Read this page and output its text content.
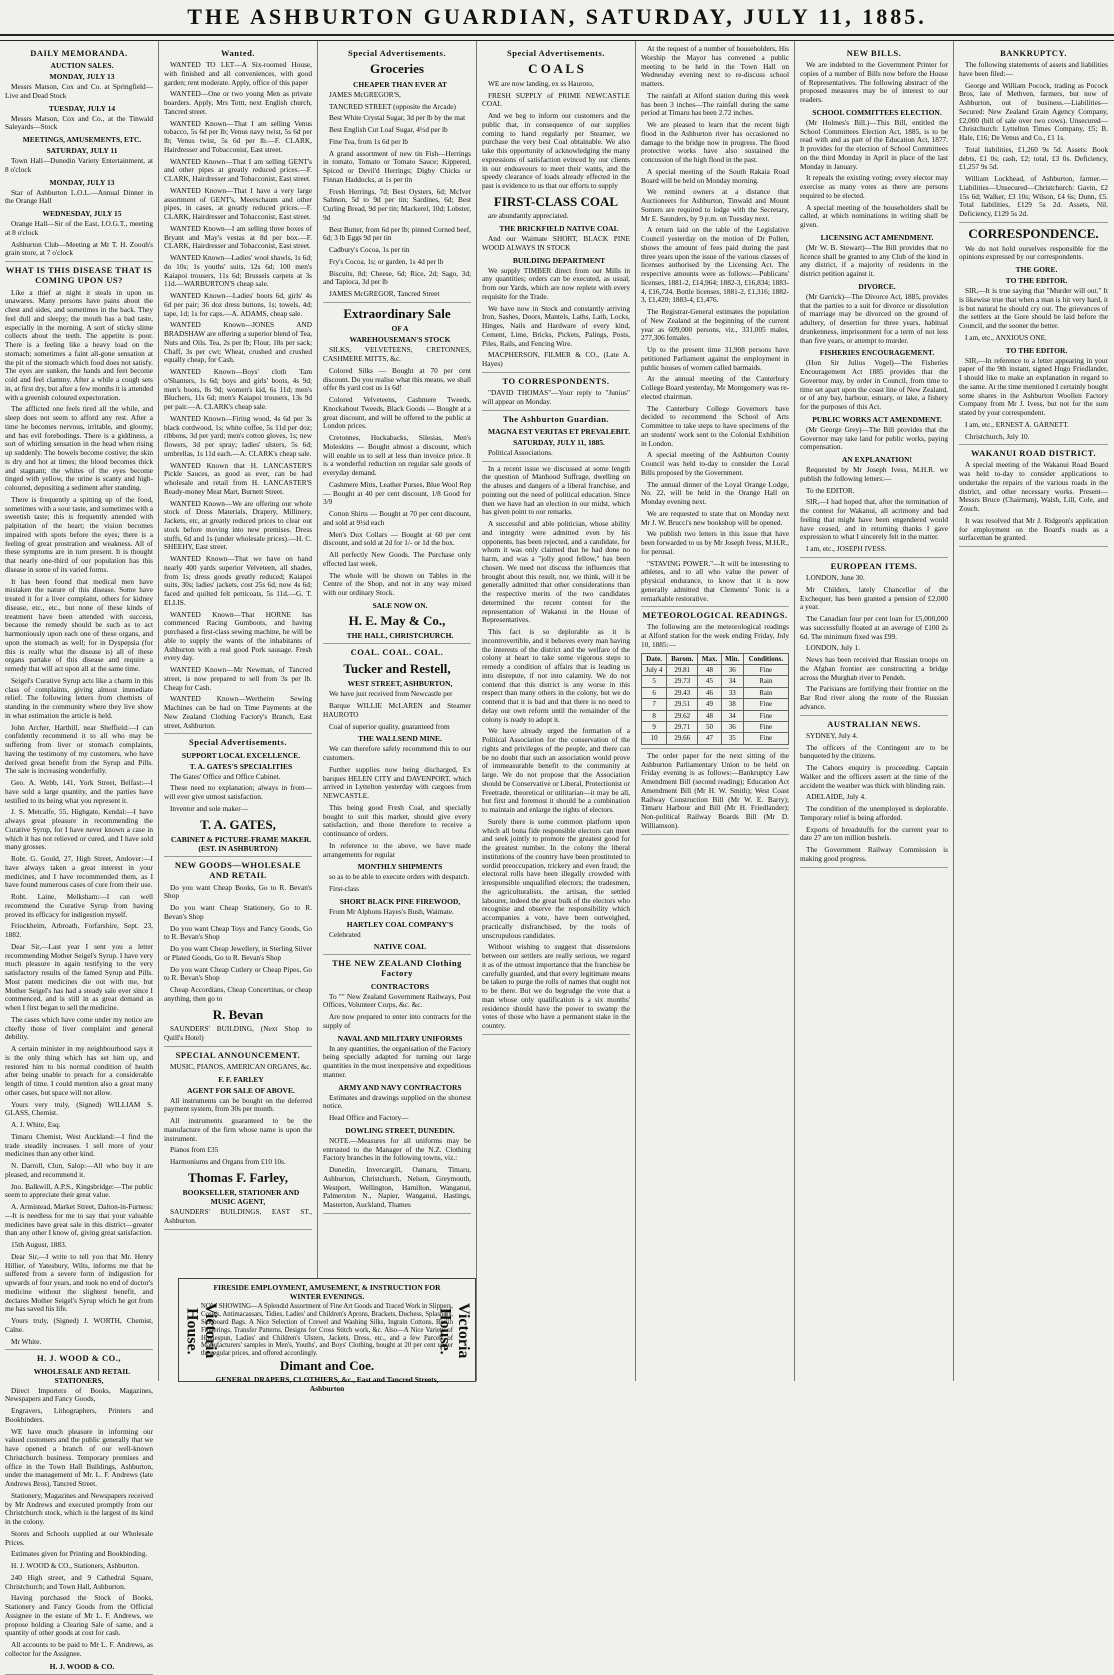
THE ASHBURTON GUARDIAN, SATURDAY, JULY 11, 1885.
DAILY MEMORANDA.

AUCTION SALES.

MONDAY, JULY 13

Messrs Matson, Cox and Co. at Springfield—Live and Dead Stock

TUESDAY, JULY 14

Messrs Matson, Cox and Co., at the Tinwald Saleyards—Stock

MEETINGS, AMUSEMENTS, ETC.

SATURDAY, JULY 11

Town Hall—Dunedin Variety Entertainment, at 8 o'clock

MONDAY, JULY 13

Star of Ashburton L.O.L.—Annual Dinner in the Orange Hall

WEDNESDAY, JULY 15

Orange Hall—Sir of the East, I.O.G.T., meeting at 8 o'clock

Ashburton Club—Meeting at Mr T. H. Zoouh's grain store, at 7 o'clock

WHAT IS THIS DISEASE THAT IS COMING UPON US?

Like a thief at night it steals in upon us unawares. Many persons have pains about the chest and sides, and sometimes in the back. They feel dull and sleepy; the mouth has a bad taste, especially in the morning. A sort of sticky slime collects about the teeth. The appetite is poor. There is a feeling like a heavy load on the stomach; sometimes a faint all-gone sensation at the pit of the stomach which food does not satisfy. The eyes are sunken, the hands and feet become cold and feel clammy. After a while a cough sets in, at first dry, but after a few months it is attended with a greenish coloured expectoration.

The afflicted one feels tired all the while, and sleep does not seem to afford any rest. After a time he becomes nervous, irritable, and gloomy, and has evil forebodings. There is a giddiness, a sort of whirling sensation in the head when rising up suddenly. The bowels become costive; the skin is dry and hot at times; the blood becomes thick and stagnant; the whites of the eyes become tinged with yellow, the urine is scanty and high-coloured, depositing a sediment after standing.

There is frequently a spitting up of the food, sometimes with a sour taste, and sometimes with a sweetish taste; this is frequently attended with palpitation of the heart; the vision becomes impaired with spots before the eyes; there is a feeling of great prostration and weakness. All of these symptoms are in turn present. It is thought that nearly one-third of our population has this disease in some of its varied forms.

It has been found that medical men have mistaken the nature of this disease. Some have treated it for a liver complaint, others for kidney disease, etc., etc., but none of these kinds of treatment have been attended with success, because the remedy should be such as to act harmoniously upon each one of these organs, and upon the stomach as well; for in Dyspepsia (for this is really what the disease is) all of these organs partake of this disease and require a remedy that will act upon all at the same time.

Seigel's Curative Syrup acts like a charm in this class of complaints, giving almost immediate relief. The following letters from chemists of standing in the community where they live show in what estimation the article is held.

John Archer, Harthill, near Sheffield:—I can confidently recommend it to all who may be suffering from liver or stomach complaints, having the testimony of my customers, who have derived great benefit from the Syrup and Pills. The sale is increasing wonderfully.

Geo. A. Webb, 141, York Street, Belfast:—I have sold a large quantity, and the parties have testified to its being what you represent it.

J. S. Metcalfe, 55, Highgate, Kendal:—I have always great pleasure in recommending the Curative Syrup, for I have never known a case in which it has not relieved or cured, and I have sold many grosses.

Robt. G. Gould, 27, High Street, Andover:—I have always taken a great interest in your medicines, and I have recommended them, as I have found numerous cases of cure from their use.

Robt. Laine, Melksham:—I can well recommend the Curative Syrup from having proved its efficacy for indigestion myself.

Friockheim, Arbroath, Forfarshire, Sept. 23, 1882.

Dear Sir,—Last year I sent you a letter recommending Mother Seigel's Syrup. I have very much pleasure in again testifying to the very satisfactory results of the famed Syrup and Pills. Most patent medicines die out with me, but Mother Seigel's has had a steady sale ever since I commenced, and is still in as great demand as when I first began to sell the medicine.

The cases which have come under my notice are chiefly those of liver complaint and general debility.

A certain minister in my neighbourhood says it is the only thing which has set him up, and restored him to his normal condition of health after being unable to preach for a considerable length of time. I could mention also a great many other cases, but space will not allow.

Yours very truly, (Signed) WILLIAM S. GLASS, Chemist.

A. J. White, Esq.

Timaru Chemist, West Auckland:—I find the trade steadily increases. I sell more of your medicines than any other kind.

N. Darroll, Clun, Salop:—All who buy it are pleased, and recommend it.

Jno. Balkwill, A.P.S., Kingsbridge:—The public seem to appreciate their great value.

A. Armistead, Market Street, Dalton-in-Furness:—It is needless for me to say that your valuable medicines have great sale in this district—greater than any other I know of, giving great satisfaction.

15th August, 1883.

Dear Sir,—I write to tell you that Mr. Henry Hillier, of Yatesbury, Wilts, informs me that he suffered from a severe form of indigestion for upwards of four years, and took no end of doctor's medicine without the slightest benefit, and declares Mother Seigel's Syrup which he got from me has saved his life.

Yours truly, (Signed) J. WORTH, Chemist, Calne.

Mr White.

H. J. WOOD & CO.,

WHOLESALE AND RETAIL STATIONERS,

Direct Importers of Books, Magazines, Newspapers and Fancy Goods,

Engravers, Lithographers, Printers and Bookbinders.

WE have much pleasure in informing our valued customers and the public generally that we have opened a branch of our well-known Christchurch business. Temporary premises and office in the Town Hall Buildings, Ashburton, under the management of Mr. L. F. Andrews (late Andrews Bros), Tancred Street.

Stationery, Magazines and Newspapers received by Mr Andrews and executed promptly from our Christchurch stock, which is the largest of its kind in the colony.

Stores and Schools supplied at our Wholesale Prices.

Estimates given for Printing and Bookbinding.

H. J. WOOD & CO., Stationers, Ashburton.

240 High street, and 9 Cathedral Square, Christchurch; and Town Hall, Ashburton.

Having purchased the Stock of Books, Stationery and Fancy Goods from the Official Assignee in the estate of Mr L. F. Andrews, we propose holding a Clearing Sale of same, and a quantity of other goods at cost for cash.

All accounts to be paid to Mr L. F. Andrews, as collector for the Assignee.

H. J. WOOD & CO.

Wanted.

WANTED TO LET—A Six-roomed House, with finished and all conveniences, with good garden; rent moderate. Apply, office of this paper

WANTED—One or two young Men as private boarders. Apply, Mrs Tottt, next English church, Tancred street.

WANTED Known—That I am selling Venus tobacco, 5s 6d per lb; Venus navy twist, 5s 6d per lb; Venus twist, 5s 6d per lb.—F. CLARK, Hairdresser and Tobacconist, East street.

WANTED Known—That I am selling GENT's and other pipes at greatly reduced prices.—F. CLARK, Hairdresser and Tobacconist, East street.

WANTED Known—That I have a very large assortment of GENT's, Meerschaum and other pipes, in cases, at greatly reduced prices.—F. CLARK, Hairdresser and Tobacconist, East street.

WANTED Known—I am selling three boxes of Bryant and May's vestas at 8d per box.—F. CLARK, Hairdresser and Tobacconist, East street.

WANTED Known—Ladies' wool shawls, 1s 6d; do 10s; 1s youths' suits, 12s 6d; 100 men's Kaiapoi trousers, 11s 6d; Brussels carpets at 3s 11d.—WARBURTON'S cheap sale.

WANTED Known—Ladies' boots 6d, girls' 4s 6d per pair; 36 doz dress buttons, 1s; towels, 4d; tape, 1d; 1s for caps.—A. ADAMS, cheap sale.

WANTED Known—JONES AND BRADSHAW are offering a superior blend of Tea, Nuts and Oils. Tea, 2s per lb; Flour, 18s per sack; Chaff, 3s per cwt; Wheat, crushed and crushed equally cheap, for Cash.

WANTED Known—Boys' cloth Tam o'Shanters, 1s 6d; boys and girls' boots, 4s 9d; men's boots, 8s 9d; women's kid, 6s 11d; men's Bluchers, 11s 6d; men's Kaiapoi trousers, 13s 9d per pair.—A. CLARK's cheap sale.

WANTED Known—Firing wood, 4s 6d per 3s black cordwood, 1s; white coffee, 5s 11d per doz; ribbons, 3d per yard; men's cotton gloves, 1s; new flowers, 3d per spray; ladies' ulsters, 5s 6d; umbrellas, 1s 11d each.—A. CLARK's cheap sale.

WANTED Known that H. LANCASTER'S Pickle Sauces, as good as ever, can be had wholesale and retail from H. LANCASTER'S Ready-money Meat Mart, Burnett Street.

WANTED Known—We are offering our whole stock of Dress Materials, Drapery, Millinery, Jackets, etc, at greatly reduced prices to clear out stock before moving into new premises. Dress stuffs, 6d and 1s (under wholesale prices).—H. C. SHEEHY, East street.

WANTED Known—That we have on hand nearly 400 yards superior Velveteen, all shades, from 1s; dress goods greatly reduced; Kaiapoi suits, 30s; ladies' jackets, cost 25s 6d, now 4s 6d; faced and quilted felt petticoats, 5s 11d.—G. T. ELLIS.

WANTED Known—That HORNE has commenced Racing Gumboots, and having purchased a first-class sewing machine, he will be able to supply the wants of the inhabitants of Ashburton with a real good Pork sausage. Fresh every day.

WANTED Known—Mr Newman, of Tancred street, is now prepared to sell from 3s per lb. Cheap for Cash.

WANTED Known—Wertheim Sewing Machines can be had on Time Payments at the New Zealand Clothing Factory's Branch, East street, Ashburton.

Special Advertisements.

SUPPORT LOCAL EXCELLENCE.

T. A. GATES'S SPECIALITIES

The Gates' Office and Office Cabinet.

These need no explanation; always in front—will ever give utmost satisfaction.

Inventor and sole maker—

T. A. GATES,

CABINET & PICTURE-FRAME MAKER. (EST. IN ASHBURTON)

NEW GOODS—WHOLESALE AND RETAIL

Do you want Cheap Books, Go to R. Bevan's Shop

Do you want Cheap Stationery, Go to R. Bevan's Shop

Do you want Cheap Toys and Fancy Goods, Go to R. Bevan's Shop

Do you want Cheap Jewellery, in Sterling Silver or Plated Goods, Go to R. Bevan's Shop

Do you want Cheap Cutlery or Cheap Pipes, Go to R. Bevan's Shop

Cheap Accordians, Cheap Concertinas, or cheap anything, then go to

R. Bevan

SAUNDERS' BUILDING, (Next Shop to Quill's Hotel)

SPECIAL ANNOUNCEMENT.

MUSIC, PIANOS, AMERICAN ORGANS, &c.

F. F. FARLEY

AGENT FOR SALE OF ABOVE.

All instruments can be bought on the deferred payment system, from 30s per month.

All instruments guaranteed to be the manufacture of the firm whose name is upon the instrument.

Pianos from £35

Harmoniums and Organs from £10 10s.

Thomas F. Farley,

BOOKSELLER, STATIONER AND MUSIC AGENT,

SAUNDERS' BUILDINGS, EAST ST., Ashburton.

Special Advertisements.
Groceries

CHEAPER THAN EVER AT

JAMES McGREGOR'S,

TANCRED STREET (opposite the Arcade)

Best White Crystal Sugar, 3d per lb by the mat

Best English Cut Loaf Sugar, 4½d per lb

Fine Tea, from 1s 6d per lb

A grand assortment of new tin Fish—Herrings in tomato, Tomato or Tomato Sauce; Kippered, Spiced or Devil'd Herrings; Digby Chicks or Finnan Haddocks, at 1s per tin

Fresh Herrings, 7d; Best Oysters, 6d; McIver Salmon, 5d to 9d per tin; Sardines, 6d; Best Curling Bread, 9d per tin; Mackerel, 10d; Lobster, 9d

Best Butter, from 6d per lb; pinned Corned beef, 6d; 3 lb Eggs 9d per tin

Cadbury's Cocoa, 1s per tin

Fry's Cocoa, 1s; or garden, 1s 4d per lb

Biscuits, 8d; Cheese, 6d; Rice, 2d; Sago, 3d; and Tapioca, 3d per lb

JAMES McGREGOR, Tancred Street

Extraordinary Sale

OF A

WAREHOUSEMAN'S STOCK

SILKS, VELVETEENS, CRETONNES, CASHMERE MITTS, &c.

Colored Silks — Bought at 70 per cent discount. Do you realise what this means, we shall offer 8s yard cost us 1s 6d!

Colored Velveteens, Cashmere Tweeds, Knockabout Tweeds, Black Goods — Bought at a great discount, and will be offered to the public at London prices.

Cretonnes, Huckabacks, Silesias, Men's Moleskins — Bought almost a discount, which will enable us to sell at less than invoice price. It is a wonderful reduction on regular sale goods of everyday demand.

Cashmere Mitts, Leather Purses, Blue Wool Rep — Bought at 40 per cent discount, 1/8 Good for 3/9

Cotton Shirts — Bought at 70 per cent discount, and sold at 9½d each

Men's Dux Collars — Bought at 60 per cent discount, and sold at 2d for 1/- or 1d the box.

All perfectly New Goods. The Purchase only effected last week.

The whole will be shown on Tables in the Centre of the Shop, and not in any way mixed with our ordinary Stock.

SALE NOW ON.

H. E. May & Co.,

THE HALL, CHRISTCHURCH.

COAL. COAL. COAL.
Tucker and Restell,

WEST STREET, ASHBURTON,

We have just received from Newcastle per

Barque WILLIE McLAREN and Steamer HAUROTO

Coal of superior quality, guaranteed from

THE WALLSEND MINE.

We can therefore safely recommend this to our customers.

Further supplies now being discharged, Ex barques HELEN CITY and DAVENPORT, which arrived in Lyttelton yesterday with cargoes from NEWCASTLE.

This being good Fresh Coal, and specially bought to suit this market, should give every satisfaction, and those therefore to receive a continuance of orders.

In reference to the above, we have made arrangements for regular

MONTHLY SHIPMENTS

so as to be able to execute orders with despatch.

First-class

SHORT BLACK PINE FIREWOOD,

From Mr Alphons Hayes's Bush, Waimate.

HARTLEY COAL COMPANY'S

Celebrated

NATIVE COAL

THE NEW ZEALAND Clothing Factory

CONTRACTORS

To "" New Zealand Government Railways, Post Offices, Volunteer Corps, &c. &c.

Are now prepared to enter into contracts for the supply of

NAVAL AND MILITARY UNIFORMS

In any quantities, the organisation of the Factory being specially adapted for turning out large quantities in the most inexpensive and expeditious manner.

ARMY AND NAVY CONTRACTORS

Estimates and drawings supplied on the shortest notice.

Head Office and Factory—

DOWLING STREET, DUNEDIN.

NOTE.—Measures for all uniforms may be entrusted to the Manager of the N.Z. Clothing Factory branches in the following towns, viz.:

Dunedin, Invercargill, Oamaru, Timaru, Ashburton, Christchurch, Nelson, Greymouth, Westport, Wellington, Hamilton, Wanganui, Palmerston N., Napier, Wanganui, Hastings, Masterton, Auckland, Thames

Special Advertisements.
C O A L S

WE are now landing, ex ss Hauroto,

FRESH SUPPLY of PRIME NEWCASTLE COAL

And we beg to inform our customers and the public that, in consequence of our supplies coming to hand regularly per Steamer, we purchase the very best Coal obtainable. We also take this opportunity of acknowledging the many expressions of satisfaction evinced by our clients in our endeavours to meet their wants, and the speedy clearance of loads already effected in the past is evidence to us that our efforts to supply

FIRST-CLASS COAL

are abundantly appreciated.

THE BRICKFIELD NATIVE COAL

And our Waimate SHORT, BLACK PINE WOOD ALWAYS IN STOCK

BUILDING DEPARTMENT

We supply TIMBER direct from our Mills in any quantities; orders can be executed, as usual, from our Yards, which are now replete with every requisite for the Trade.

We have now in Stock and constantly arriving Iron, Sashes, Doors, Mantels, Laths, Lath, Locks, Hinges, Nails and Hardware of every kind, Cement, Lime, Bricks, Pickets, Palings, Posts, Piles, Rails, and Fencing Wire.

MACPHERSON, FILMER & CO., (Late A. Hayes)

TO CORRESPONDENTS.

"DAVID THOMAS"—Your reply to "Junius" will appear on Monday.

The Ashburton Guardian.

MAGNA EST VERITAS ET PREVALEBIT.

SATURDAY, JULY 11, 1885.

Political Associations.

In a recent issue we discussed at some length the question of Manhood Suffrage, dwelling on the abuses and dangers of a liberal franchise, and pointing out the need of political education. Since then we have had an election in our midst, which has given point to our remarks.

A successful and able politician, whose ability and integrity were admitted even by his opponents, has been rejected, and a candidate, for whom it was only claimed that he had done no harm, and was a "jolly good fellow," has been chosen. We need not discuss the influences that brought about this result, nor, we think, will it be generally admitted that other considerations than the respective merits of the two candidates determined the recent contest for the representation of Wakanui in the House of Representatives.

This fact is so deplorable as it is incontrovertible, and it behoves every man having the interests of the district and the welfare of the colony at heart to take some vigorous steps to remedy a condition of affairs that is leading us into disrepute, if not into calamity. We do not contend that this district is any worse in this respect than many others in the colony, but we do contend that it is bad and that there is no need to delay our own reform until the remainder of the colony is ready to adopt it.

We have already urged the formation of a Political Association for the conservation of the rights and privileges of the people, and there can be no doubt that such an association would prove of immeasurable benefit to the community at large. We do not propose that the Association should be Conservative or Liberal, Protectionist or Freetrade, theoretical or utilitarian—it may be all, but first and foremost it should be a combination to maintain and enlarge the rights of electors.

Surely there is some common platform upon which all bona fide responsible electors can meet and seek jointly to promote the greatest good for the greatest number. In the colony the liberal institutions of the country have been prostituted to sordid preoccupation, trickery and even fraud; the electoral rolls have been illegally crowded with irresponsible unqualified electors; the tradesmen, the agriculturalists, the artisan, the settled labourer, indeed the great bulk of the electors who recognise and observe the responsibility which accompanies a vote, have been outweighed, practically disfranchised, by the tools of unscrupulous candidates.

Without wishing to suggest that dissensions between our settlers are really serious, we regard it as of the utmost importance that the franchise be carefully guarded, and that every legitimate means be taken to purge the rolls of names that ought not to be there. But we do begrudge the vote that a man whose only qualification is a six months' residence should have the power to swamp the votes of those who have a permanent stake in the country.

At the request of a number of householders, His Worship the Mayor has convened a public meeting to be held in the Town Hall on Wednesday evening next to re-discuss school matters.

The rainfall at Alford station during this week has been 3 inches—The rainfall during the same period at Timaru has been 2.72 inches.

We are pleased to learn that the recent high flood in the Ashburton river has occasioned no damage to the bridge now in progress. The flood protective works have also sustained the concussion of the high flood in the past.

A special meeting of the South Rakaia Road Board will be held on Monday morning.

We remind owners at a distance that Auctioneers for Ashburton, Tinwald and Mount Somers are required to lodge with the Secretary, Mr E. Saunders, by 9 p.m. on Tuesday next.

A return laid on the table of the Legislative Council yesterday on the motion of Dr Pollen, shows the amount of fees paid during the past three years upon the issue of the various classes of licenses authorised by the Licensing Act. The respective amounts were as follows:—Publicans' licenses, 1881-2, £14,964; 1882-3, £16,834; 1883-4, £16,724. Bottle licenses, 1881-2, £1,316; 1882-3, £1,420; 1883-4, £1,476.

The Registrar-General estimates the population of New Zealand at the beginning of the current year as 609,000 persons, viz., 331,005 males, 277,306 females.

Up to the present time 31,908 persons have petitioned Parliament against the employment in public houses of women called barmaids.

At the annual meeting of the Canterbury College Board yesterday, Mr Montgomery was re-elected chairman.

The Canterbury College Governors have decided to recommend the School of Arts Committee to take steps to have specimens of the art students' work sent to the Colonial Exhibition in London.

A special meeting of the Ashburton County Council was held to-day to consider the Local Bills proposed by the Government.

The annual dinner of the Loyal Orange Lodge, No. 22, will be held in the Orange Hall on Monday evening next.

We are requested to state that on Monday next Mr J. W. Brucci's new bookshop will be opened.

We publish two letters in this issue that have been forwarded to us by Mr Joseph Ivess, M.H.R., for perusal.

"STAVING POWER."—It will be interesting to athletes, and to all who value the power of physical endurance, to know that it is now generally admitted that Clements' Tonic is a remarkable restorative.

METEOROLOGICAL READINGS.

The following are the meteorological readings at Alford station for the week ending Friday, July 10, 1885:—

Date.	Barom.	Max.	Min.	Conditions.
July 4	29.81	48	36	Fine
5	29.73	45	34	Rain
6	29.43	46	33	Rain
7	29.51	49	38	Fine
8	29.62	48	34	Fine
9	29.71	50	36	Fine
10	29.66	47	35	Fine

The order paper for the next sitting of the Ashburton Parliamentary Union to be held on Friday evening is as follows:—Bankruptcy Law Amendment Bill (second reading); Education Act Amendment Bill (Mr H. W. Smith); West Coast Railway Construction Bill (Mr W. E. Barry); Timaru Harbour and Bill (Mr H. Friedlander); Non-political Railway Boards Bill (Mr D. Williamson).

NEW BILLS.

We are indebted to the Government Printer for copies of a number of Bills now before the House of Representatives. The following abstract of the proposed measures may be of interest to our readers.

SCHOOL COMMITTEES ELECTION.

(Mr Holmes's Bill.)—This Bill, entitled the School Committees Election Act, 1885, is to be read with and as part of the Education Act, 1877. It provides for the election of School Committees on the third Monday in April in place of the last Monday in January.

It repeals the existing voting; every elector may exercise as many votes as there are persons required to be elected.

A special meeting of the householders shall be called, at which nominations in writing shall be given.

LICENSING ACT AMENDMENT.

(Mr W. B. Stewart)—The Bill provides that no licence shall be granted to any Club of the kind in any district, if a majority of residents in the district petition against it.

DIVORCE.

(Mr Garrick)—The Divorce Act, 1885, provides that the parties to a suit for divorce or dissolution of marriage may be divorced on the ground of adultery, of desertion for three years, habitual drunkenness, imprisonment for a term of not less than five years, or attempt to murder.

FISHERIES ENCOURAGEMENT.

(Hon Sir Julius Vogel)—The Fisheries Encouragement Act 1885 provides that the Governor may, by order in Council, from time to time set apart upon the coast line of New Zealand, or of any bay, harbour, estuary, or lake, a fishery for the purposes of this Act.

PUBLIC WORKS ACT AMENDMENT.

(Mr George Grey)—The Bill provides that the Governor may take land for public works, paying compensation.

AN EXPLANATION!

Requested by Mr Joseph Ivess, M.H.R. we publish the following letters:—

To the EDITOR.

SIR,—I had hoped that, after the termination of the contest for Wakanui, all acrimony and bad feeling that might have been engendered would have ceased, and in returning thanks I gave expression to what I sincerely felt in the matter.

I am, etc., JOSEPH IVESS.

EUROPEAN ITEMS.

LONDON, June 30.

Mr Childers, lately Chancellor of the Exchequer, has been granted a pension of £2,000 a year.

The Canadian four per cent loan for £5,000,000 was successfully floated at an average of £100 2s 6d. The minimum fixed was £99.

LONDON, July 1.

News has been received that Russian troops on the Afghan frontier are constructing a bridge across the Murghab river to Pendeh.

The Parisians are fortifying their frontier on the Bar Rud river along the route of the Russian advance.

AUSTRALIAN NEWS.

SYDNEY, July 4.

The officers of the Contingent are to be banqueted by the citizens.

The Cahors enquiry is proceeding. Captain Walker and the officers assert at the time of the accident the weather was thick with blinding rain.

ADELAIDE, July 4.

The condition of the unemployed is deplorable. Temporary relief is being afforded.

Exports of breadstuffs for the current year to date 27 are ten million bushels.

The Government Railway Commission is making good progress.

BANKRUPTCY.

The following statements of assets and liabilities have been filed:—

George and William Pocock, trading as Pocock Bros, late of Methven, farmers, but now of Ashburton, out of business.—Liabilities—Secured: New Zealand Grain Agency Company, £2,000 (bill of sale over two cows). Unsecured—Christchurch: Lyttelton Times Company, £5; B. Hale, £16; De Venus and Co., £1 1s.

Total liabilities, £1,260 9s 5d. Assets: Book debts, £1 0s; cash, £2; total, £3 0s. Deficiency, £1,257 9s 5d.

William Lockhead, of Ashburton, farmer.—Liabilities—Unsecured—Christchurch: Gavin, £2 15s 6d; Walker, £3 10s; Wilson, £4 6s; Dunn, £5. Total liabilities, £129 5s 2d. Assets, Nil. Deficiency, £129 5s 2d.

CORRESPONDENCE.

We do not hold ourselves responsible for the opinions expressed by our correspondents.

THE GORE.

TO THE EDITOR.

SIR,—It is true saying that "Murder will out." It is likewise true that when a man is hit very hard, it is but natural he should cry out. The grievances of the settlers at the Gore should be laid before the Council, and the sooner the better.

I am, etc., ANXIOUS ONE.

TO THE EDITOR.

SIR,—In reference to a letter appearing in your paper of the 9th instant, signed Hugo Friedlander, I should like to make an explanation in regard to the same. At the time mentioned I certainly bought some shares in the Ashburton Woollen Factory Company from Mr J. Ivess, but not for the sum stated by your correspondent.

I am, etc., ERNEST A. GARNETT.

Christchurch, July 10.

WAKANUI ROAD DISTRICT.

A special meeting of the Wakanui Road Board was held to-day to consider applications to undertake the repairs of the various roads in the district, and other necessary works. Present—Messrs Bruce (Chairman), Walsh, Lill, Cole, and Zouch.

It was resolved that Mr J. Ridgeon's application for employment on the Board's roads as a surfaceman be granted.

Victoria House.	Victoria House.
FIRESIDE EMPLOYMENT, AMUSEMENT, & INSTRUCTION FOR WINTER EVENINGS.
NOW SHOWING—A Splendid Assortment of Fine Art Goods and Traced Work in Slippers, Cosies, Antimacassars, Tidies, Ladies' and Children's Aprons, Brackets, Duchess, Splashers, Sideboard Bags. A Nice Selection of Crewel and Washing Silks, Ingrain Cottons, Berlin Fingerings, Transfer Patterns, Designs for Cross Stitch work, &c. Also—A Nice Variety of Homespun, Ladies' and Children's Ulsters, Jackets, Dress, etc., and a few Parcels of Manufacturers' samples in Men's, Youths', and Boys' Clothing, bought at 20 per cent under the regular prices, and offered accordingly.
Dimant and Coe.
GENERAL DRAPERS, CLOTHIERS, &c., East and Tancred Streets, Ashburton
